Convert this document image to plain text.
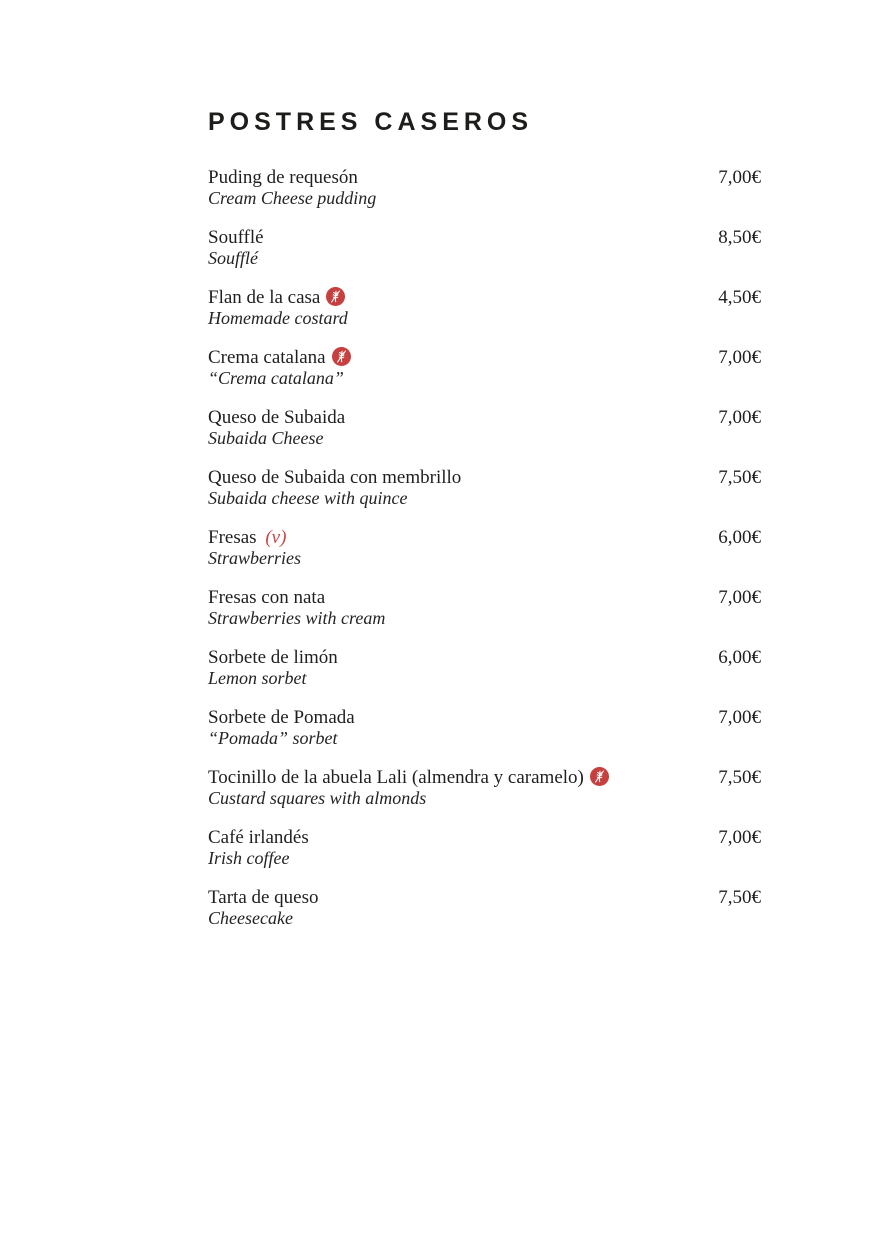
POSTRES CASEROS
Puding de requesón	7,00€
Cream Cheese pudding
Soufflé	8,50€
Soufflé
Flan de la casa	4,50€
Homemade costard
Crema catalana	7,00€
“Crema catalana”
Queso de Subaida	7,00€
Subaida Cheese
Queso de Subaida con membrillo	7,50€
Subaida cheese with quince
Fresas (v)	6,00€
Strawberries
Fresas con nata	7,00€
Strawberries with cream
Sorbete de limón	6,00€
Lemon sorbet
Sorbete de Pomada	7,00€
“Pomada” sorbet
Tocinillo de la abuela Lali (almendra y caramelo)	7,50€
Custard squares with almonds
Café irlandés	7,00€
Irish coffee
Tarta de queso	7,50€
Cheesecake
